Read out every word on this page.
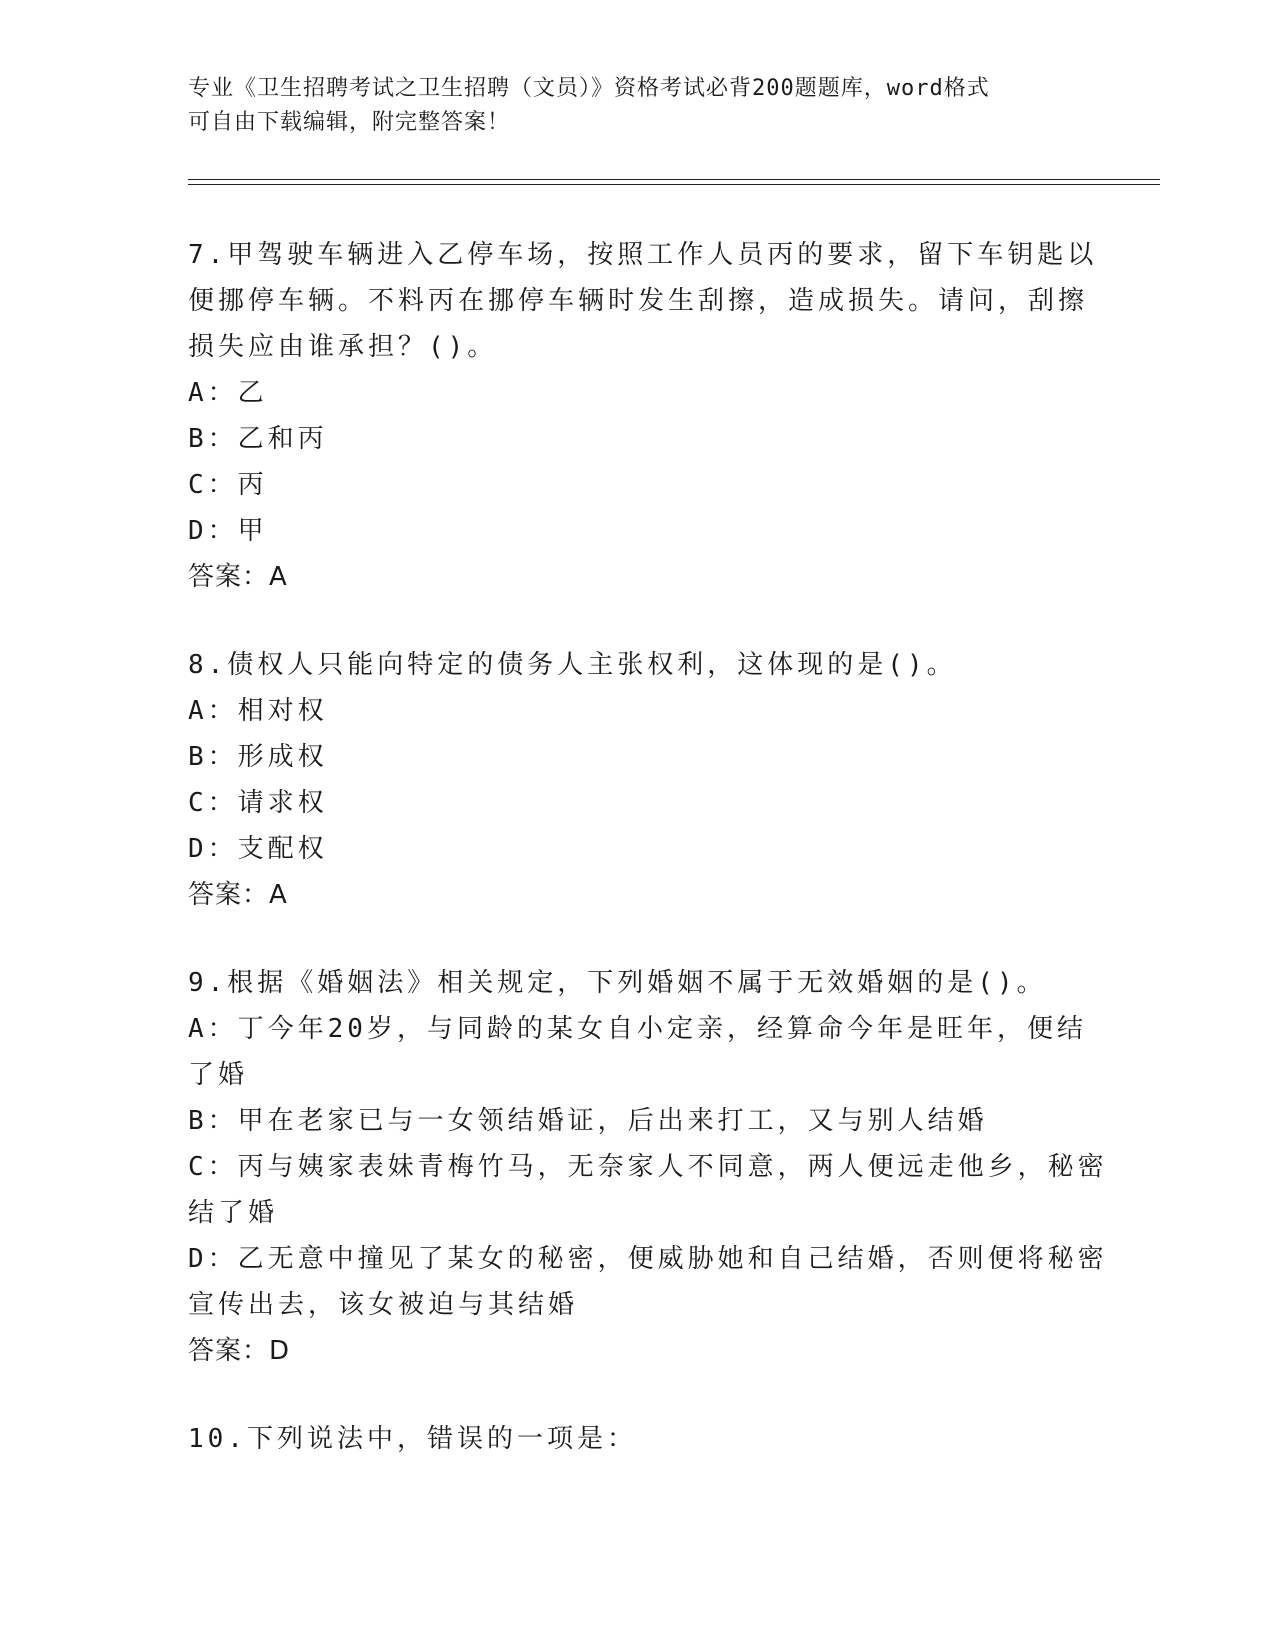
专业《卫生招聘考试之卫生招聘（文员）》资格考试必背200题题库，word格式
可自由下载编辑，附完整答案！
7.甲驾驶车辆进入乙停车场，按照工作人员丙的要求，留下车钥匙以
便挪停车辆。不料丙在挪停车辆时发生刮擦，造成损失。请问，刮擦
损失应由谁承担？()。
A：乙
B：乙和丙
C：丙
D：甲
答案：A
8.债权人只能向特定的债务人主张权利，这体现的是()。
A：相对权
B：形成权
C：请求权
D：支配权
答案：A
9.根据《婚姻法》相关规定，下列婚姻不属于无效婚姻的是()。
A：丁今年20岁，与同龄的某女自小定亲，经算命今年是旺年，便结
了婚
B：甲在老家已与一女领结婚证，后出来打工，又与别人结婚
C：丙与姨家表妹青梅竹马，无奈家人不同意，两人便远走他乡，秘密
结了婚
D：乙无意中撞见了某女的秘密，便威胁她和自己结婚，否则便将秘密
宣传出去，该女被迫与其结婚
答案：D
10.下列说法中，错误的一项是：
